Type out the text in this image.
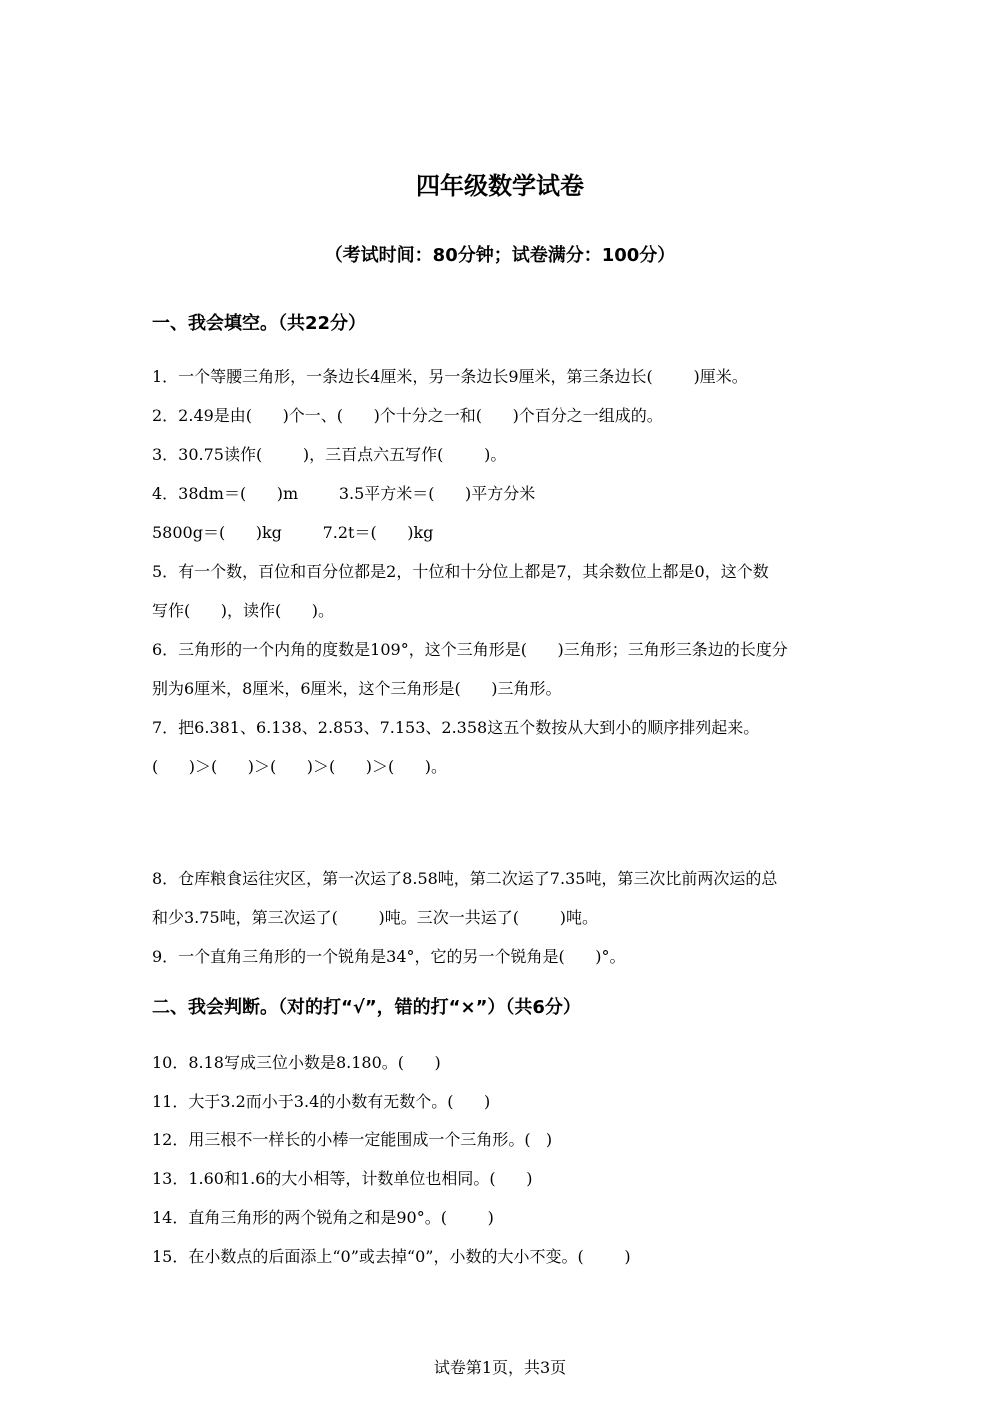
四年级数学试卷
（考试时间：80分钟；试卷满分：100分）
一、我会填空。（共22分）
1．一个等腰三角形，一条边长4厘米，另一条边长9厘米，第三条边长(        )厘米。
2．2.49是由(      )个一、(      )个十分之一和(      )个百分之一组成的。
3．30.75读作(        )，三百点六五写作(        )。
4．38dm＝(      )m        3.5平方米＝(      )平方分米
5800g＝(      )kg        7.2t＝(      )kg
5．有一个数，百位和百分位都是2，十位和十分位上都是7，其余数位上都是0，这个数
写作(      )，读作(      )。
6．三角形的一个内角的度数是109°，这个三角形是(      )三角形；三角形三条边的长度分
别为6厘米，8厘米，6厘米，这个三角形是(      )三角形。
7．把6.381、6.138、2.853、7.153、2.358这五个数按从大到小的顺序排列起来。
(      )＞(      )＞(      )＞(      )＞(      )。
8．仓库粮食运往灾区，第一次运了8.58吨，第二次运了7.35吨，第三次比前两次运的总
和少3.75吨，第三次运了(        )吨。三次一共运了(        )吨。
9．一个直角三角形的一个锐角是34°，它的另一个锐角是(      )°。
二、我会判断。（对的打“√”，错的打“×”）（共6分）
10．8.18写成三位小数是8.180。(      )
11．大于3.2而小于3.4的小数有无数个。(      )
12．用三根不一样长的小棒一定能围成一个三角形。(   )
13．1.60和1.6的大小相等，计数单位也相同。(      )
14．直角三角形的两个锐角之和是90°。(        )
15．在小数点的后面添上“0”或去掉“0”，小数的大小不变。(        )
试卷第1页，共3页
